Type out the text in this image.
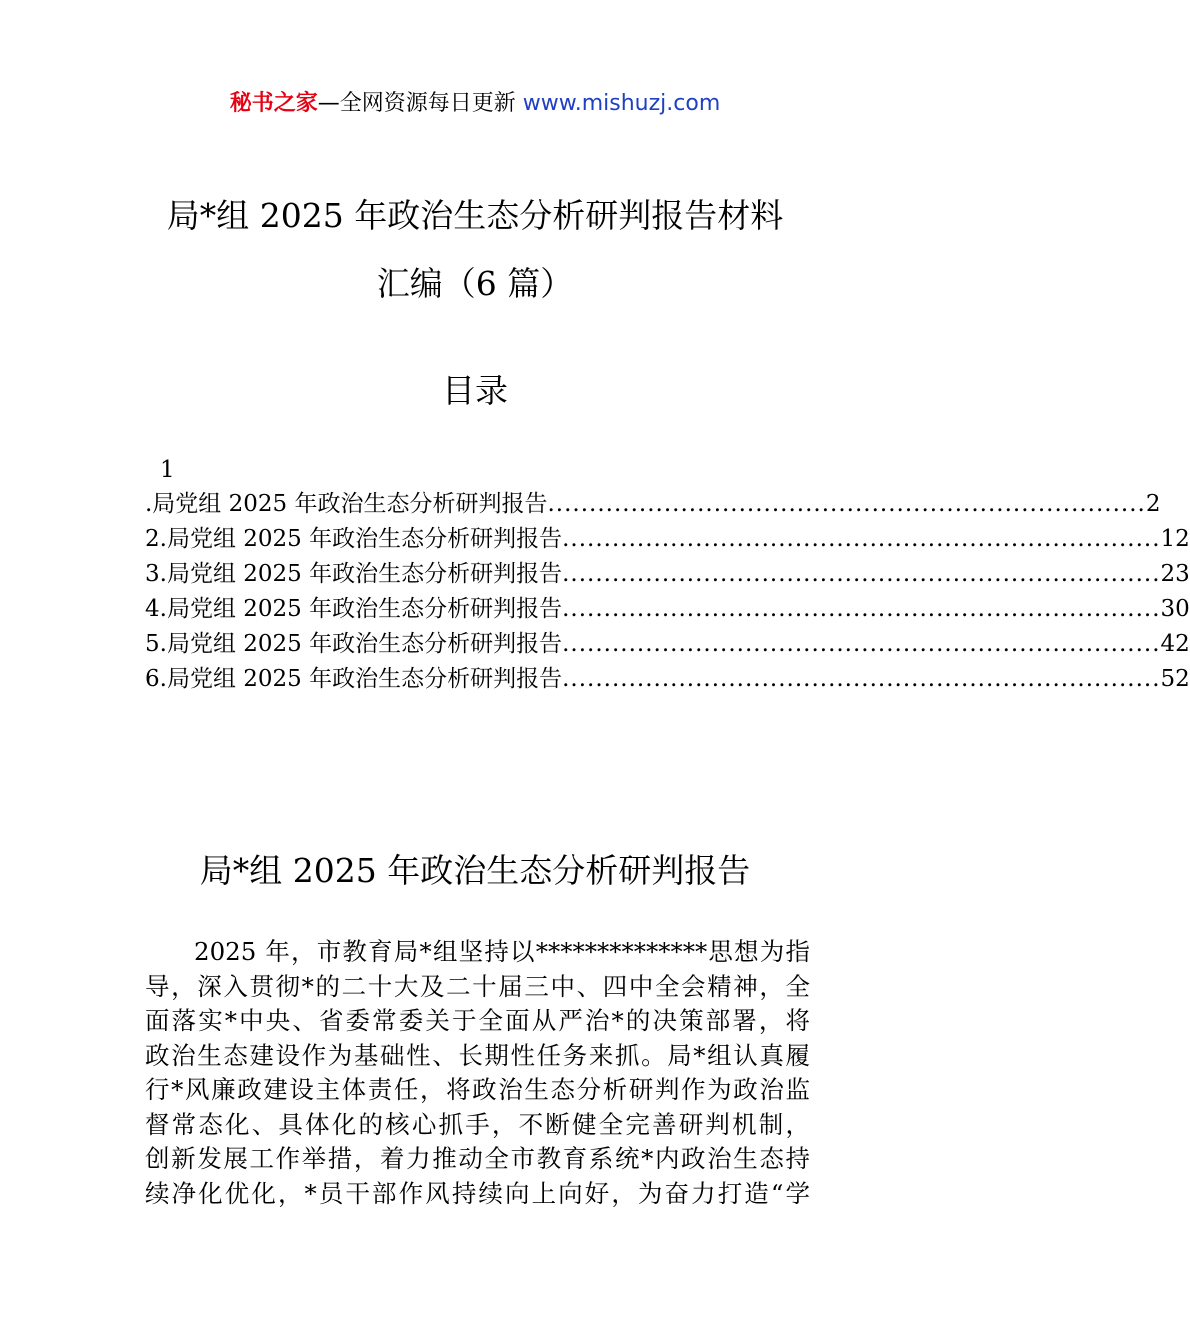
秘书之家—全网资源每日更新 www.mishuzj.com
局*组 2025 年政治生态分析研判报告材料
汇编（6 篇）
目录
1
.局党组 2025 年政治生态分析研判报告 ........................................................................ 2
2.局党组 2025 年政治生态分析研判报告 ........................................................................ 12
3.局党组 2025 年政治生态分析研判报告 ........................................................................ 23
4.局党组 2025 年政治生态分析研判报告 ........................................................................ 30
5.局党组 2025 年政治生态分析研判报告 ........................................................................ 42
6.局党组 2025 年政治生态分析研判报告 ........................................................................ 52
局*组 2025 年政治生态分析研判报告
2025 年，市教育局*组坚持以**************思想为指
导，深入贯彻*的二十大及二十届三中、四中全会精神，全
面落实*中央、省委常委关于全面从严治*的决策部署，将
政治生态建设作为基础性、长期性任务来抓。局*组认真履
行*风廉政建设主体责任，将政治生态分析研判作为政治监
督常态化、具体化的核心抓手，不断健全完善研判机制，
创新发展工作举措，着力推动全市教育系统*内政治生态持
续净化优化，*员干部作风持续向上向好，为奋力打造“学
